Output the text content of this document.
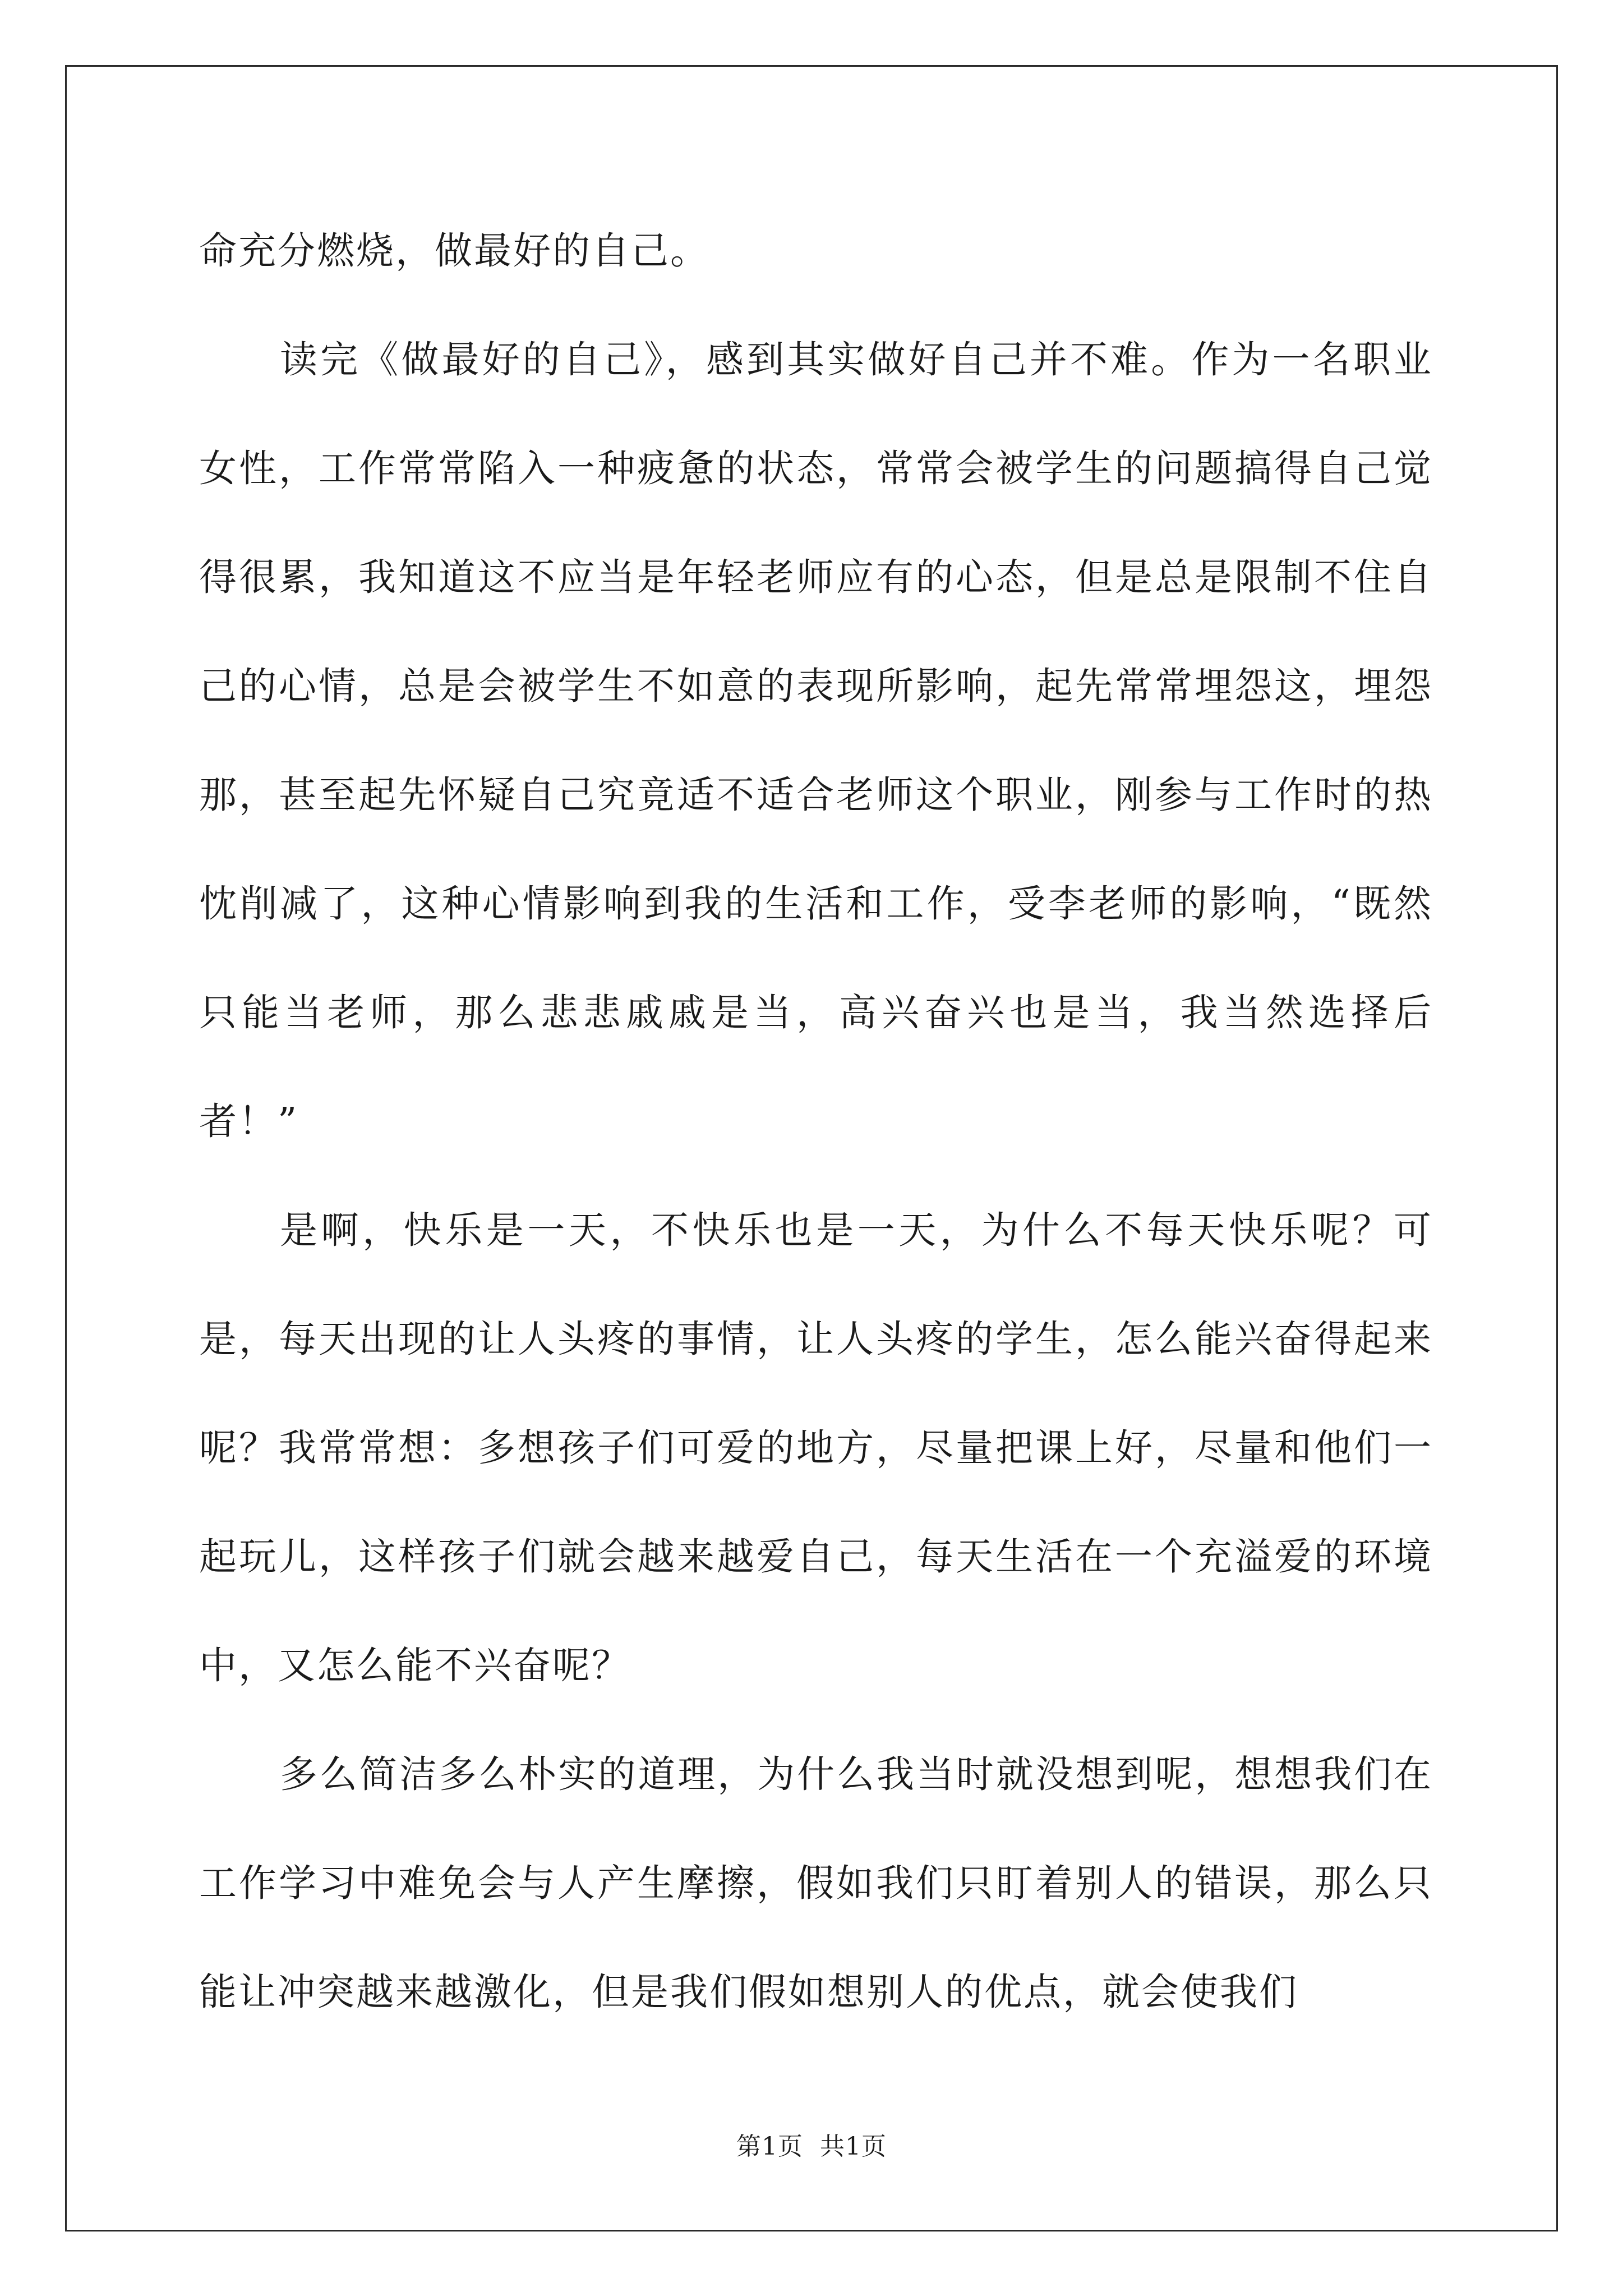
命充分燃烧，做最好的自己。

读完《做最好的自己》，感到其实做好自己并不难。作为一名职业女性，工作常常陷入一种疲惫的状态，常常会被学生的问题搞得自己觉得很累，我知道这不应当是年轻老师应有的心态，但是总是限制不住自己的心情，总是会被学生不如意的表现所影响，起先常常埋怨这，埋怨那，甚至起先怀疑自己究竟适不适合老师这个职业，刚参与工作时的热忱削减了，这种心情影响到我的生活和工作，受李老师的影响，“既然只能当老师，那么悲悲戚戚是当，高兴奋兴也是当，我当然选择后者！”

是啊，快乐是一天，不快乐也是一天，为什么不每天快乐呢？可是，每天出现的让人头疼的事情，让人头疼的学生，怎么能兴奋得起来呢？我常常想：多想孩子们可爱的地方，尽量把课上好，尽量和他们一起玩儿，这样孩子们就会越来越爱自己，每天生活在一个充溢爱的环境中，又怎么能不兴奋呢？

多么简洁多么朴实的道理，为什么我当时就没想到呢，想想我们在工作学习中难免会与人产生摩擦，假如我们只盯着别人的错误，那么只能让冲突越来越激化，但是我们假如想别人的优点，就会使我们

第1页 共1页
